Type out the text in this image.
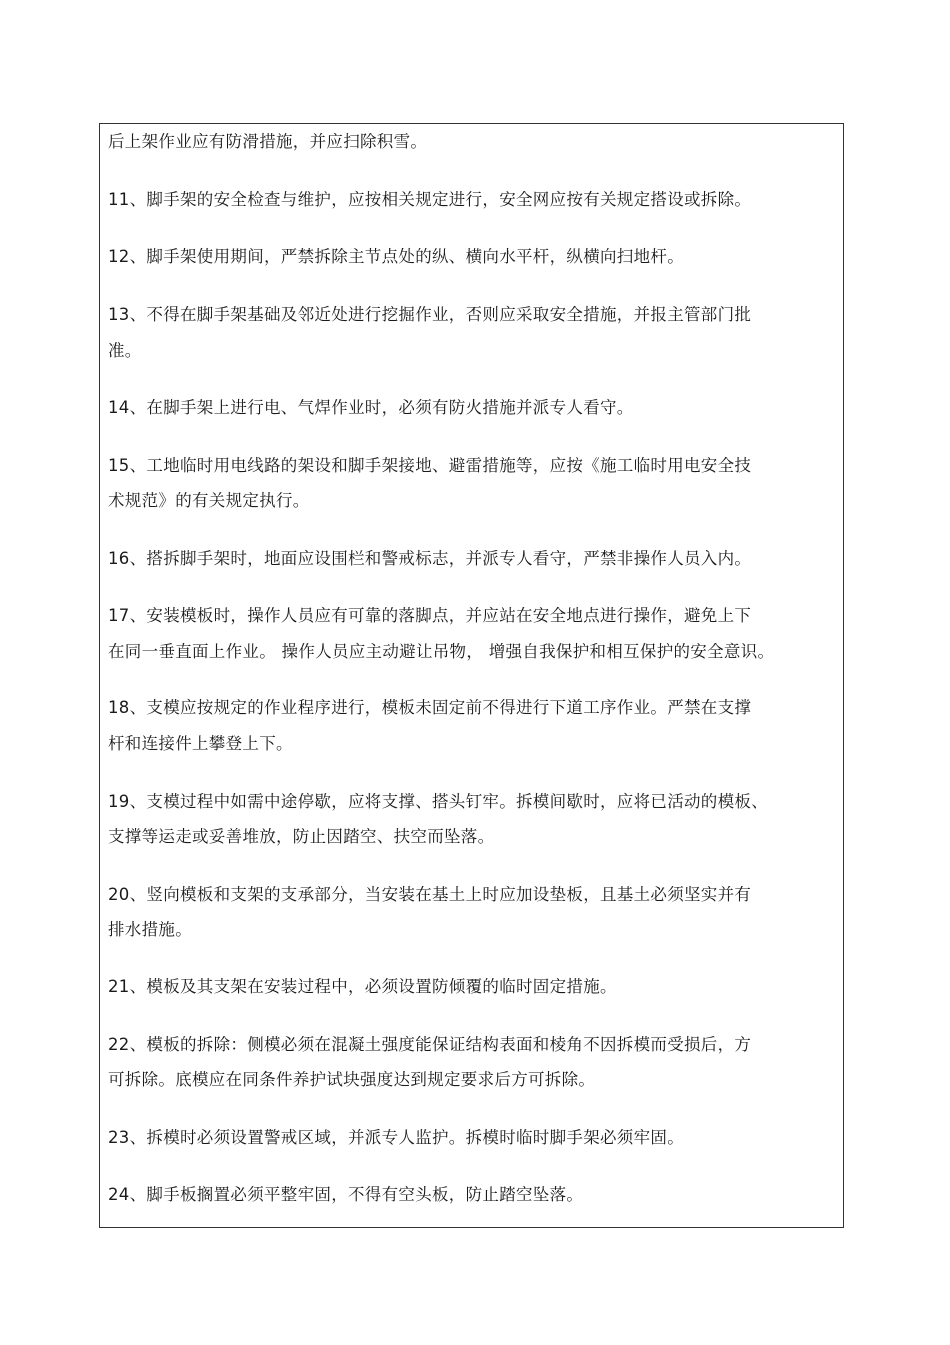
后上架作业应有防滑措施，并应扫除积雪。
11、脚手架的安全检查与维护，应按相关规定进行，安全网应按有关规定搭设或拆除。
12、脚手架使用期间，严禁拆除主节点处的纵、横向水平杆，纵横向扫地杆。
13、不得在脚手架基础及邻近处进行挖掘作业，否则应采取安全措施，并报主管部门批
准。
14、在脚手架上进行电、气焊作业时，必须有防火措施并派专人看守。
15、工地临时用电线路的架设和脚手架接地、避雷措施等，应按《施工临时用电安全技
术规范》的有关规定执行。
16、搭拆脚手架时，地面应设围栏和警戒标志，并派专人看守，严禁非操作人员入内。
17、安装模板时，操作人员应有可靠的落脚点，并应站在安全地点进行操作，避免上下
在同一垂直面上作业。 操作人员应主动避让吊物， 增强自我保护和相互保护的安全意识。
18、支模应按规定的作业程序进行，模板未固定前不得进行下道工序作业。严禁在支撑
杆和连接件上攀登上下。
19、支模过程中如需中途停歇，应将支撑、搭头钉牢。拆模间歇时，应将已活动的模板、
支撑等运走或妥善堆放，防止因踏空、扶空而坠落。
20、竖向模板和支架的支承部分，当安装在基土上时应加设垫板，且基土必须坚实并有
排水措施。
21、模板及其支架在安装过程中，必须设置防倾覆的临时固定措施。
22、模板的拆除：侧模必须在混凝土强度能保证结构表面和棱角不因拆模而受损后，方
可拆除。底模应在同条件养护试块强度达到规定要求后方可拆除。
23、拆模时必须设置警戒区域，并派专人监护。拆模时临时脚手架必须牢固。
24、脚手板搁置必须平整牢固，不得有空头板，防止踏空坠落。
